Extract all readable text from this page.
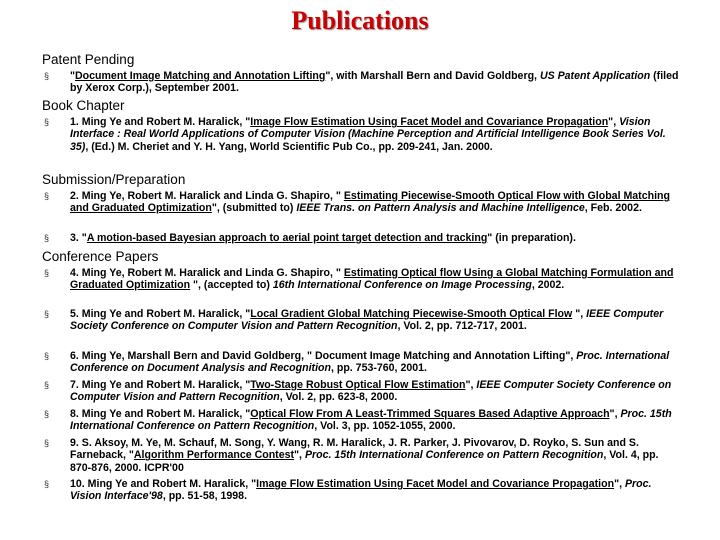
Publications
Patent Pending
§ "Document Image Matching and Annotation Lifting", with Marshall Bern and David Goldberg, US Patent Application (filed by Xerox Corp.), September 2001.
Book Chapter
§ 1. Ming Ye and Robert M. Haralick, "Image Flow Estimation Using Facet Model and Covariance Propagation", Vision Interface : Real World Applications of Computer Vision (Machine Perception and Artificial Intelligence Book Series Vol. 35), (Ed.) M. Cheriet and Y. H. Yang, World Scientific Pub Co., pp. 209-241, Jan. 2000.
Submission/Preparation
§ 2. Ming Ye, Robert M. Haralick and Linda G. Shapiro, " Estimating Piecewise-Smooth Optical Flow with Global Matching and Graduated Optimization", (submitted to) IEEE Trans. on Pattern Analysis and Machine Intelligence, Feb. 2002.
§ 3. "A motion-based Bayesian approach to aerial point target detection and tracking" (in preparation).
Conference Papers
§ 4. Ming Ye, Robert M. Haralick and Linda G. Shapiro, " Estimating Optical flow Using a Global Matching Formulation and Graduated Optimization ", (accepted to) 16th International Conference on Image Processing, 2002.
§ 5. Ming Ye and Robert M. Haralick, "Local Gradient Global Matching Piecewise-Smooth Optical Flow ", IEEE Computer Society Conference on Computer Vision and Pattern Recognition, Vol. 2, pp. 712-717, 2001.
§ 6. Ming Ye, Marshall Bern and David Goldberg, " Document Image Matching and Annotation Lifting", Proc. International Conference on Document Analysis and Recognition, pp. 753-760, 2001.
§ 7. Ming Ye and Robert M. Haralick, "Two-Stage Robust Optical Flow Estimation", IEEE Computer Society Conference on Computer Vision and Pattern Recognition, Vol. 2, pp. 623-8, 2000.
§ 8. Ming Ye and Robert M. Haralick, "Optical Flow From A Least-Trimmed Squares Based Adaptive Approach", Proc. 15th International Conference on Pattern Recognition, Vol. 3, pp. 1052-1055, 2000.
§ 9. S. Aksoy, M. Ye, M. Schauf, M. Song, Y. Wang, R. M. Haralick, J. R. Parker, J. Pivovarov, D. Royko, S. Sun and S. Farneback, "Algorithm Performance Contest", Proc. 15th International Conference on Pattern Recognition, Vol. 4, pp. 870-876, 2000. ICPR'00
§ 10. Ming Ye and Robert M. Haralick, "Image Flow Estimation Using Facet Model and Covariance Propagation", Proc. Vision Interface'98, pp. 51-58, 1998.
